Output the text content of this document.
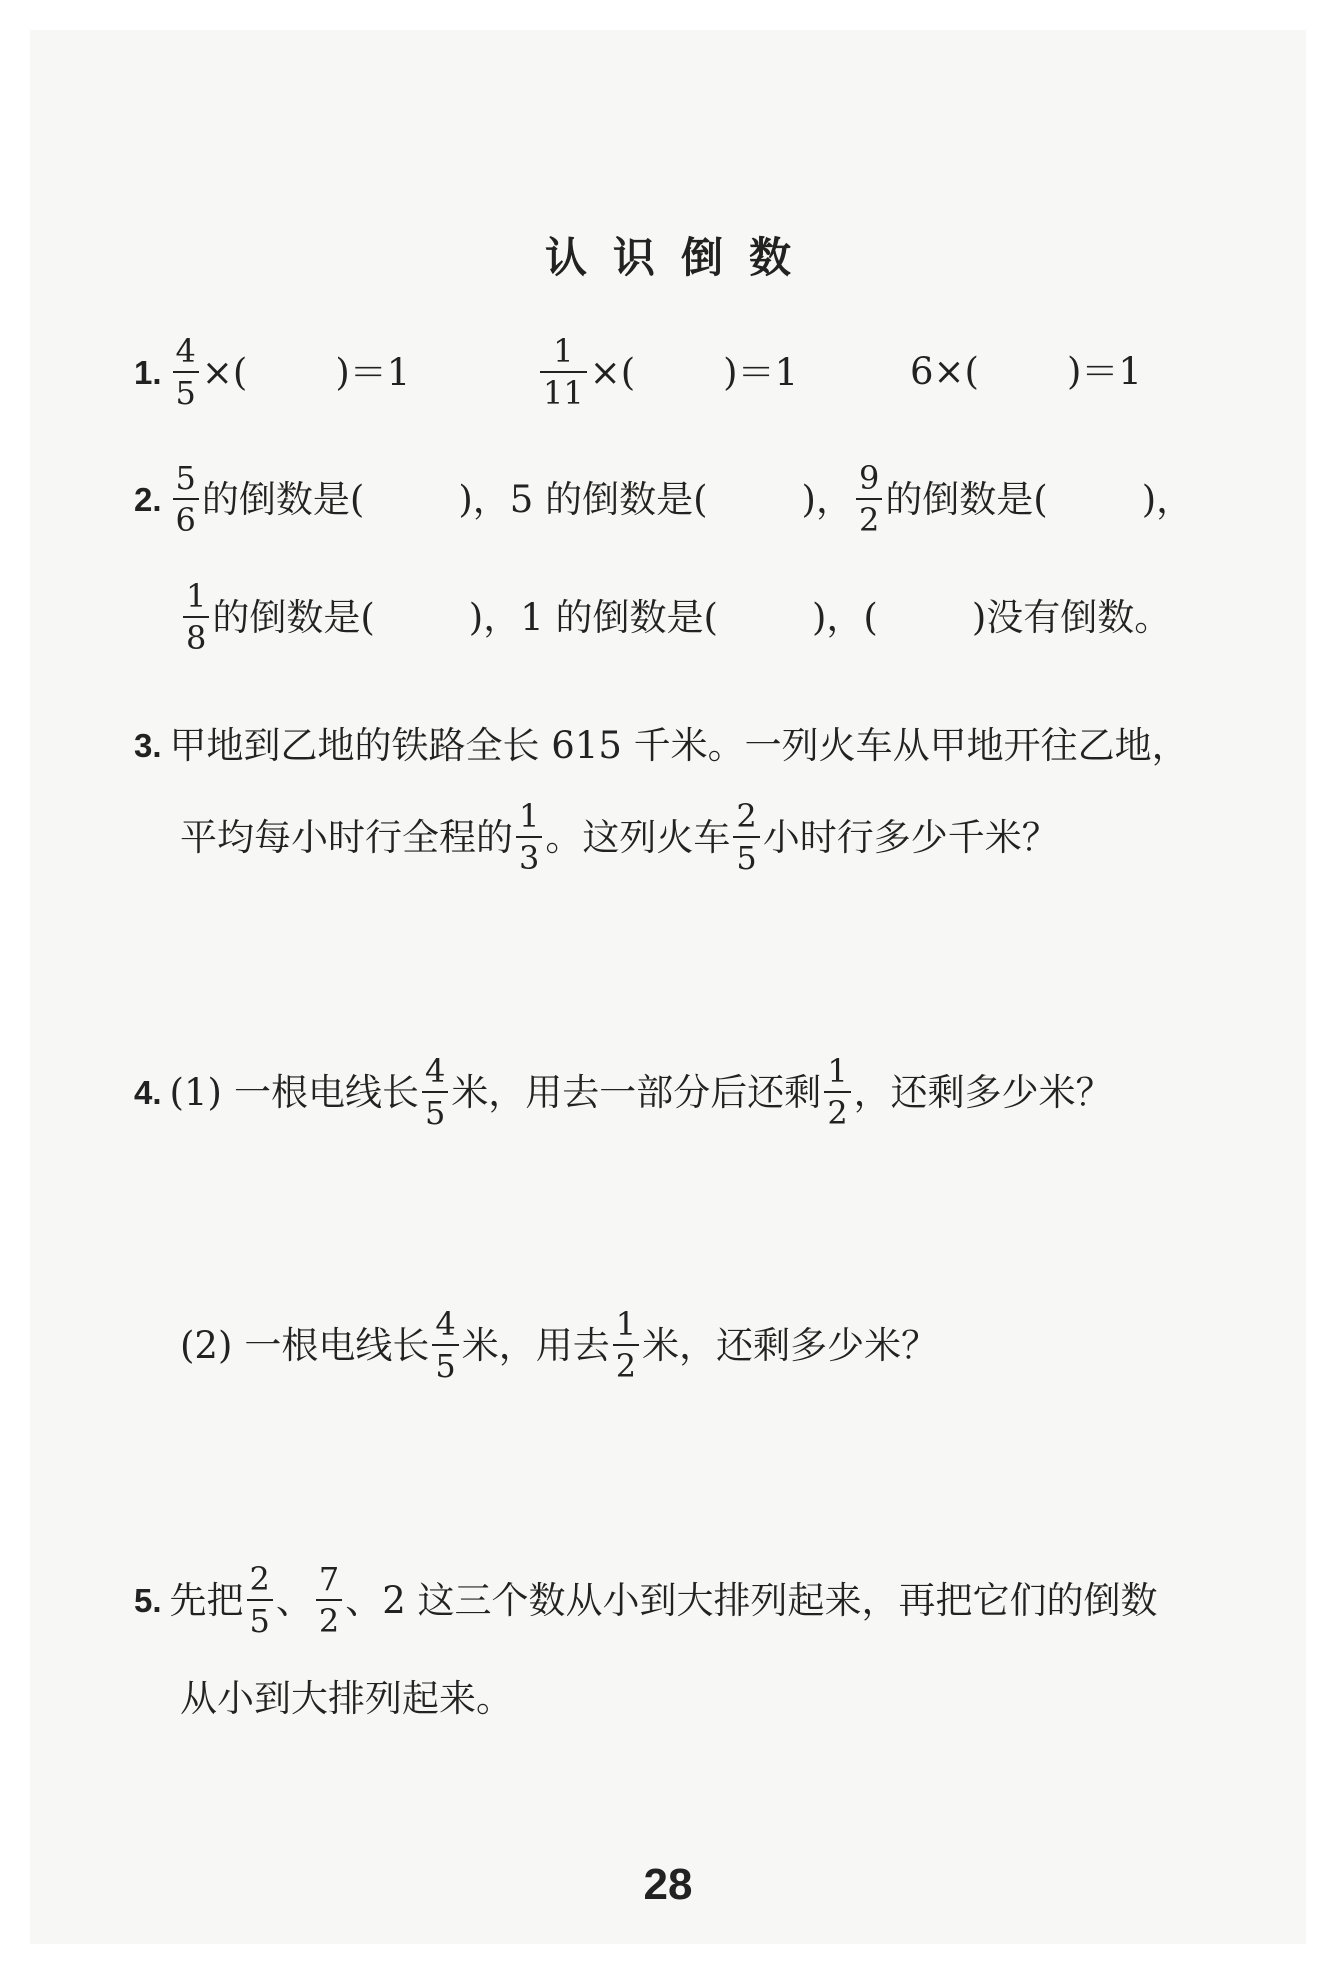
认识倒数
1. $\frac{4}{5}$ ×( )＝1	$\frac{1}{11}$ ×( )＝1	6×( )＝1
2. $\frac{5}{6}$ 的倒数是(	)， 5 的倒数是(	)， $\frac{9}{2}$ 的倒数是(	)，
$\frac{1}{8}$ 的倒数是(	)， 1 的倒数是(	)， (	)没有倒数。
3. 甲地到乙地的铁路全长 615 千米。一列火车从甲地开往乙地，
平均每小时行全程的 $\frac{1}{3}$ 。这列火车 $\frac{2}{5}$ 小时行多少千米？
4. (1) 一根电线长 $\frac{4}{5}$ 米，用去一部分后还剩 $\frac{1}{2}$ ，还剩多少米？
(2) 一根电线长 $\frac{4}{5}$ 米，用去 $\frac{1}{2}$ 米，还剩多少米？
5. 先把 $\frac{2}{5}$ 、 $\frac{7}{2}$ 、2 这三个数从小到大排列起来，再把它们的倒数
从小到大排列起来。
28
